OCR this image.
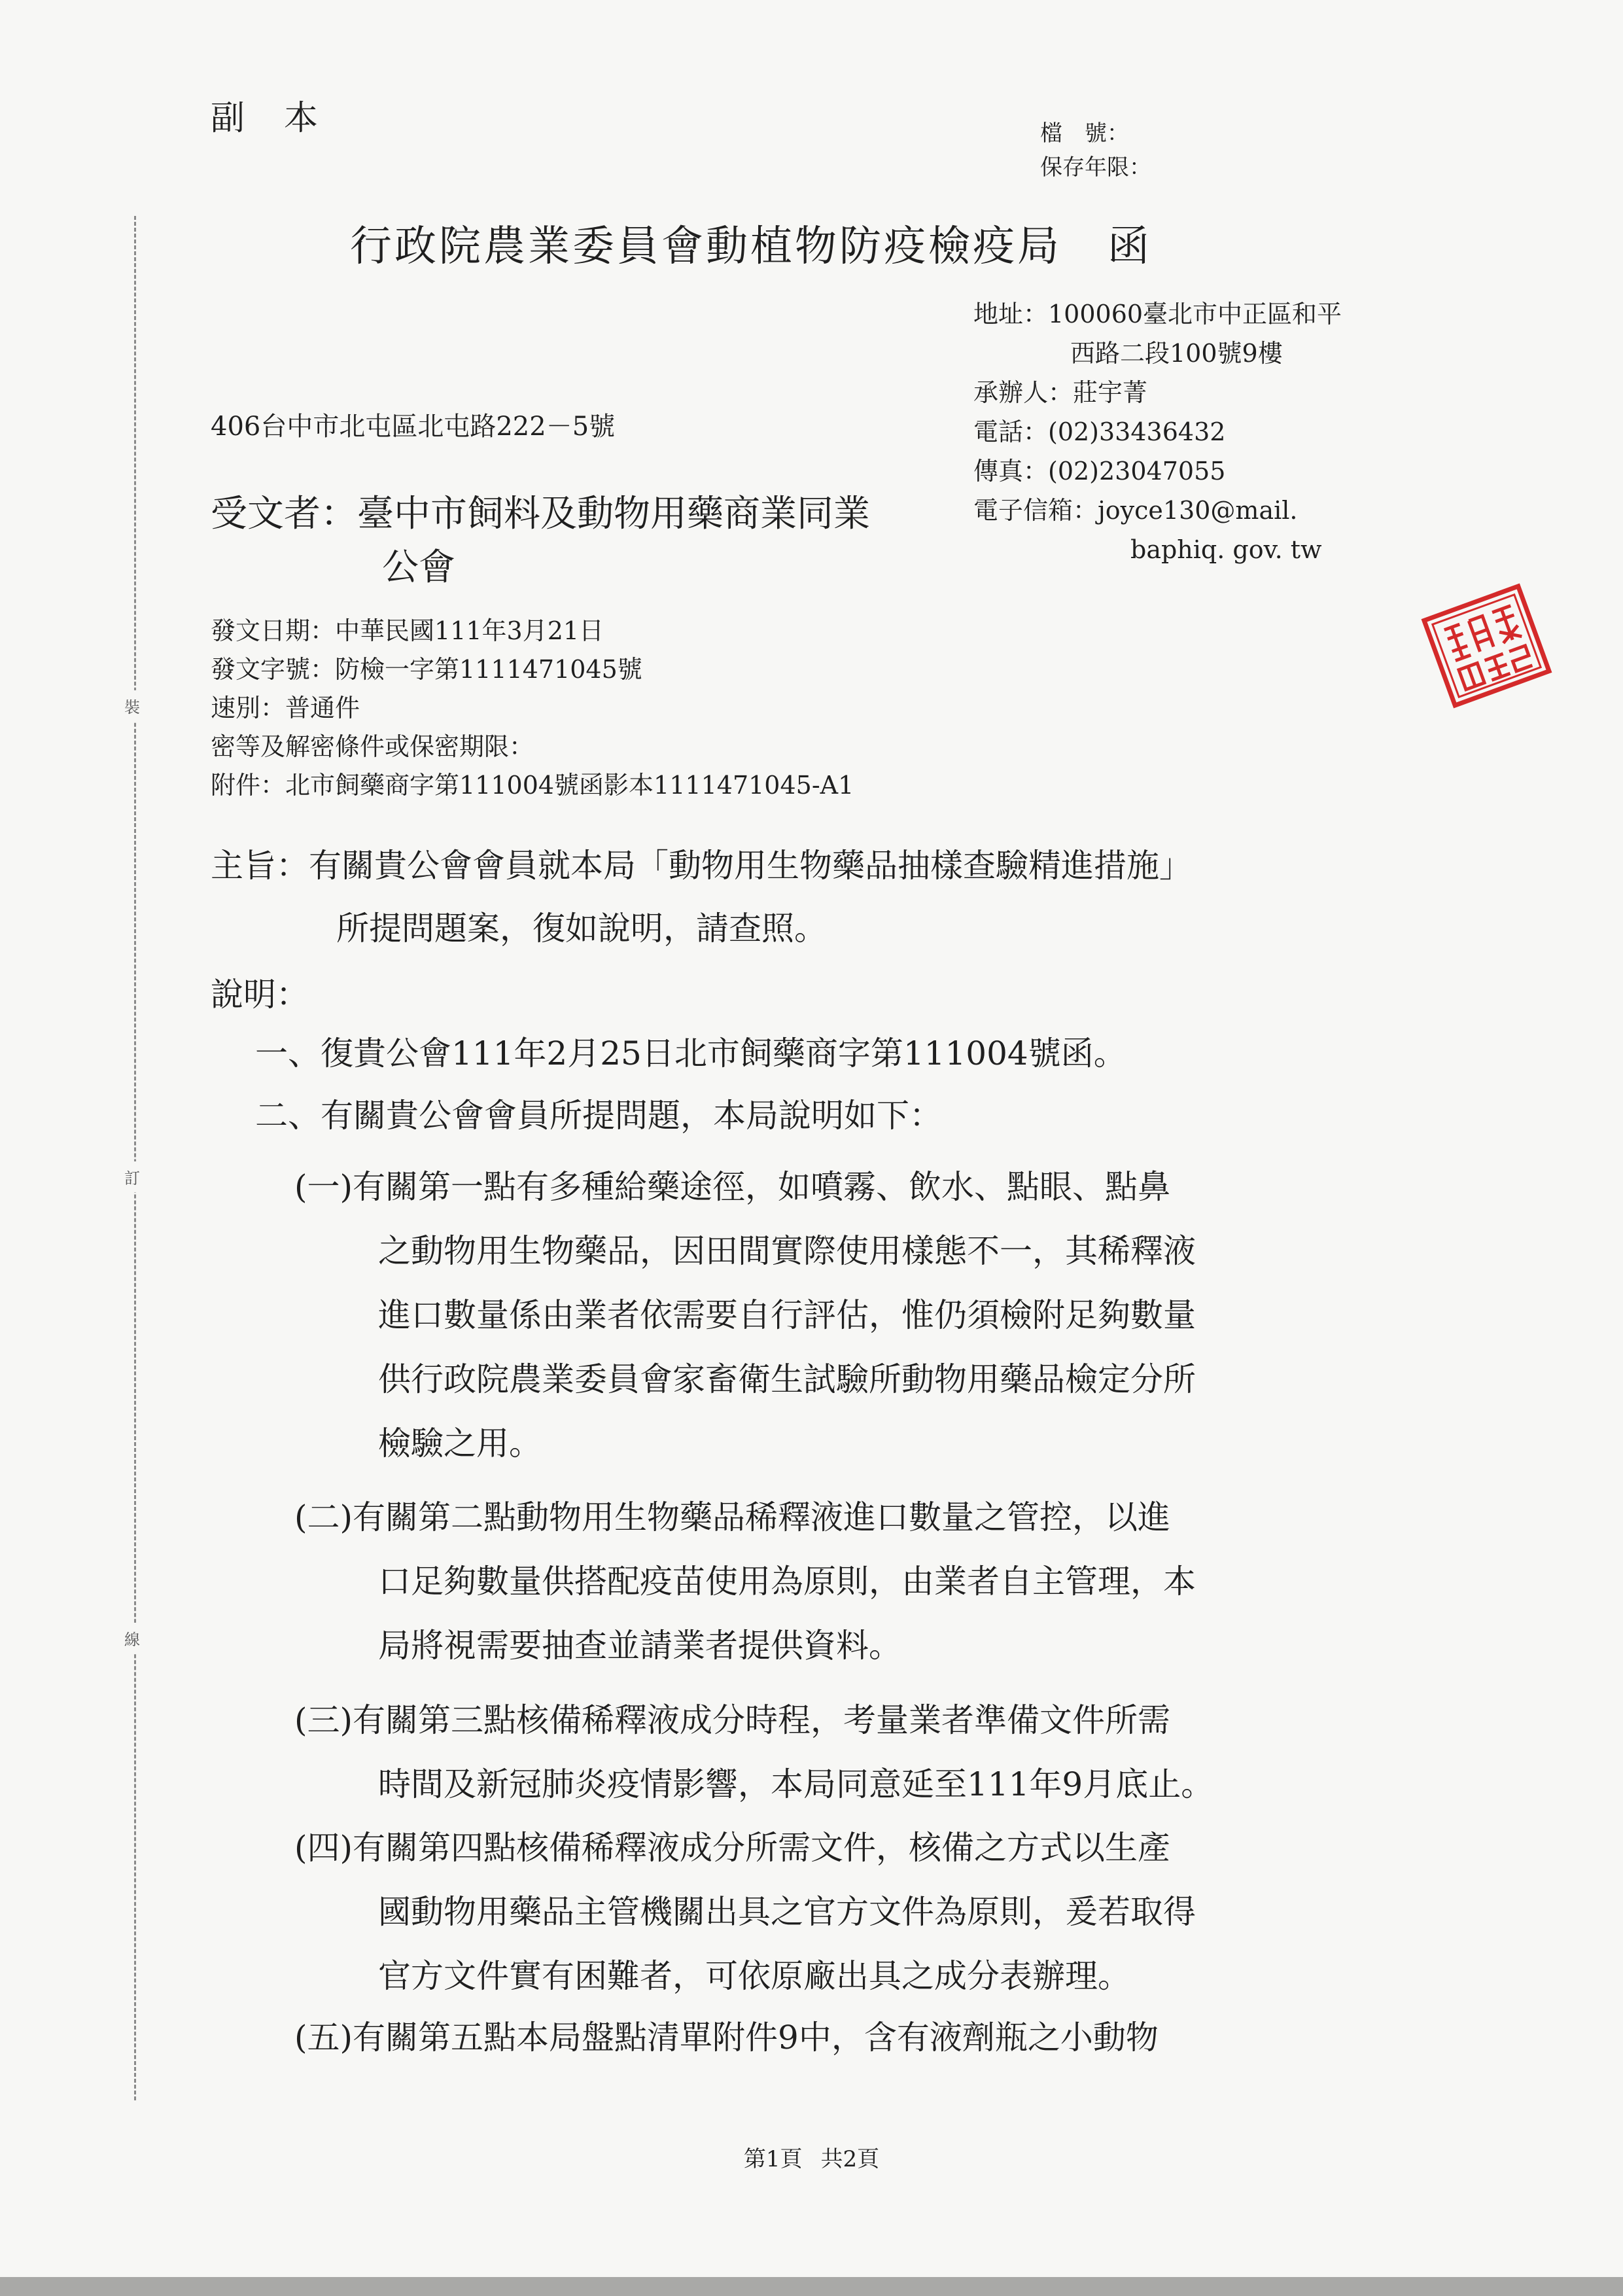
裝
訂
線
副本	檔　號：
保存年限：
行政院農業委員會動植物防疫檢疫局 函
地址：100060臺北市中正區和平
西路二段100號9樓
承辦人：莊宇菁
電話：(02)33436432
傳真：(02)23047055
電子信箱：joyce130@mail.
baphiq. gov. tw
406台中市北屯區北屯路222－5號
受文者：臺中市飼料及動物用藥商業同業
公會
發文日期：中華民國111年3月21日
發文字號：防檢一字第1111471045號
速別：普通件
密等及解密條件或保密期限：
附件：北市飼藥商字第111004號函影本1111471045-A1
主旨：有關貴公會會員就本局「動物用生物藥品抽樣查驗精進措施」
所提問題案，復如說明，請查照。
說明：
一、復貴公會111年2月25日北市飼藥商字第111004號函。
二、有關貴公會會員所提問題，本局說明如下：
(一)有關第一點有多種給藥途徑，如噴霧、飲水、點眼、點鼻
之動物用生物藥品，因田間實際使用樣態不一，其稀釋液
進口數量係由業者依需要自行評估，惟仍須檢附足夠數量
供行政院農業委員會家畜衛生試驗所動物用藥品檢定分所
檢驗之用。
(二)有關第二點動物用生物藥品稀釋液進口數量之管控，以進
口足夠數量供搭配疫苗使用為原則，由業者自主管理，本
局將視需要抽查並請業者提供資料。
(三)有關第三點核備稀釋液成分時程，考量業者準備文件所需
時間及新冠肺炎疫情影響，本局同意延至111年9月底止。
(四)有關第四點核備稀釋液成分所需文件，核備之方式以生產
國動物用藥品主管機關出具之官方文件為原則，爰若取得
官方文件實有困難者，可依原廠出具之成分表辦理。
(五)有關第五點本局盤點清單附件9中，含有液劑瓶之小動物
第1頁 共2頁
